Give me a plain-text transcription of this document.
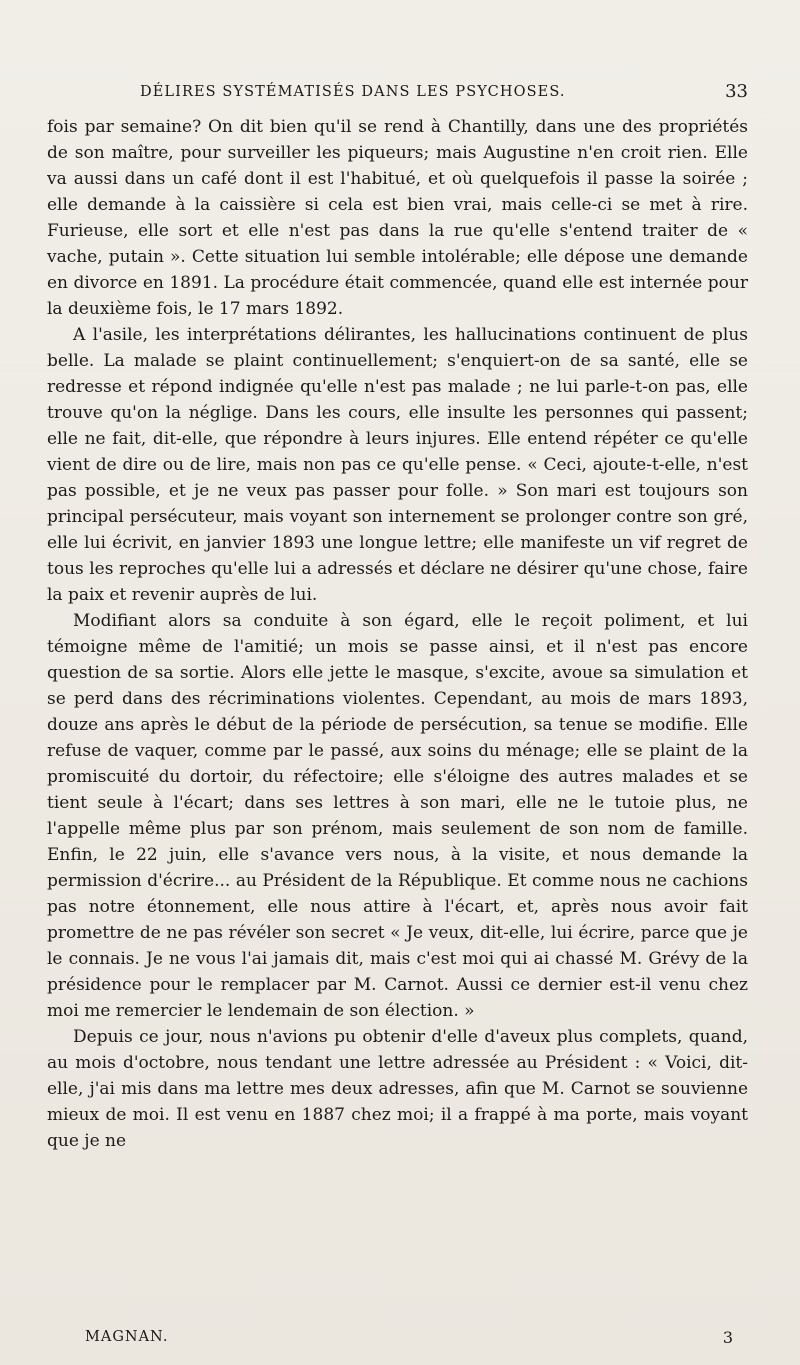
DÉLIRES SYSTÉMATISÉS DANS LES PSYCHOSES.	33

fois par semaine? On dit bien qu'il se rend à Chantilly, dans une des propriétés de son maître, pour surveiller les piqueurs; mais Augustine n'en croit rien. Elle va aussi dans un café dont il est l'habitué, et où quelquefois il passe la soirée ; elle demande à la caissière si cela est bien vrai, mais celle-ci se met à rire. Furieuse, elle sort et elle n'est pas dans la rue qu'elle s'entend traiter de « vache, putain ». Cette situation lui semble intolérable; elle dépose une demande en divorce en 1891. La procédure était commencée, quand elle est internée pour la deuxième fois, le 17 mars 1892.

A l'asile, les interprétations délirantes, les hallucinations continuent de plus belle. La malade se plaint continuellement; s'enquiert-on de sa santé, elle se redresse et répond indignée qu'elle n'est pas malade ; ne lui parle-t-on pas, elle trouve qu'on la néglige. Dans les cours, elle insulte les personnes qui passent; elle ne fait, dit-elle, que répondre à leurs injures. Elle entend répéter ce qu'elle vient de dire ou de lire, mais non pas ce qu'elle pense. « Ceci, ajoute-t-elle, n'est pas possible, et je ne veux pas passer pour folle. » Son mari est toujours son principal persécuteur, mais voyant son internement se prolonger contre son gré, elle lui écrivit, en janvier 1893 une longue lettre; elle manifeste un vif regret de tous les reproches qu'elle lui a adressés et déclare ne désirer qu'une chose, faire la paix et revenir auprès de lui.

Modifiant alors sa conduite à son égard, elle le reçoit poliment, et lui témoigne même de l'amitié; un mois se passe ainsi, et il n'est pas encore question de sa sortie. Alors elle jette le masque, s'excite, avoue sa simulation et se perd dans des récriminations violentes. Cependant, au mois de mars 1893, douze ans après le début de la période de persécution, sa tenue se modifie. Elle refuse de vaquer, comme par le passé, aux soins du ménage; elle se plaint de la promiscuité du dortoir, du réfectoire; elle s'éloigne des autres malades et se tient seule à l'écart; dans ses lettres à son mari, elle ne le tutoie plus, ne l'appelle même plus par son prénom, mais seulement de son nom de famille. Enfin, le 22 juin, elle s'avance vers nous, à la visite, et nous demande la permission d'écrire... au Président de la République. Et comme nous ne cachions pas notre étonnement, elle nous attire à l'écart, et, après nous avoir fait promettre de ne pas révéler son secret « Je veux, dit-elle, lui écrire, parce que je le connais. Je ne vous l'ai jamais dit, mais c'est moi qui ai chassé M. Grévy de la présidence pour le remplacer par M. Carnot. Aussi ce dernier est-il venu chez moi me remercier le lendemain de son élection. »

Depuis ce jour, nous n'avions pu obtenir d'elle d'aveux plus complets, quand, au mois d'octobre, nous tendant une lettre adressée au Président : « Voici, dit-elle, j'ai mis dans ma lettre mes deux adresses, afin que M. Carnot se souvienne mieux de moi. Il est venu en 1887 chez moi; il a frappé à ma porte, mais voyant que je ne

MAGNAN.	3
